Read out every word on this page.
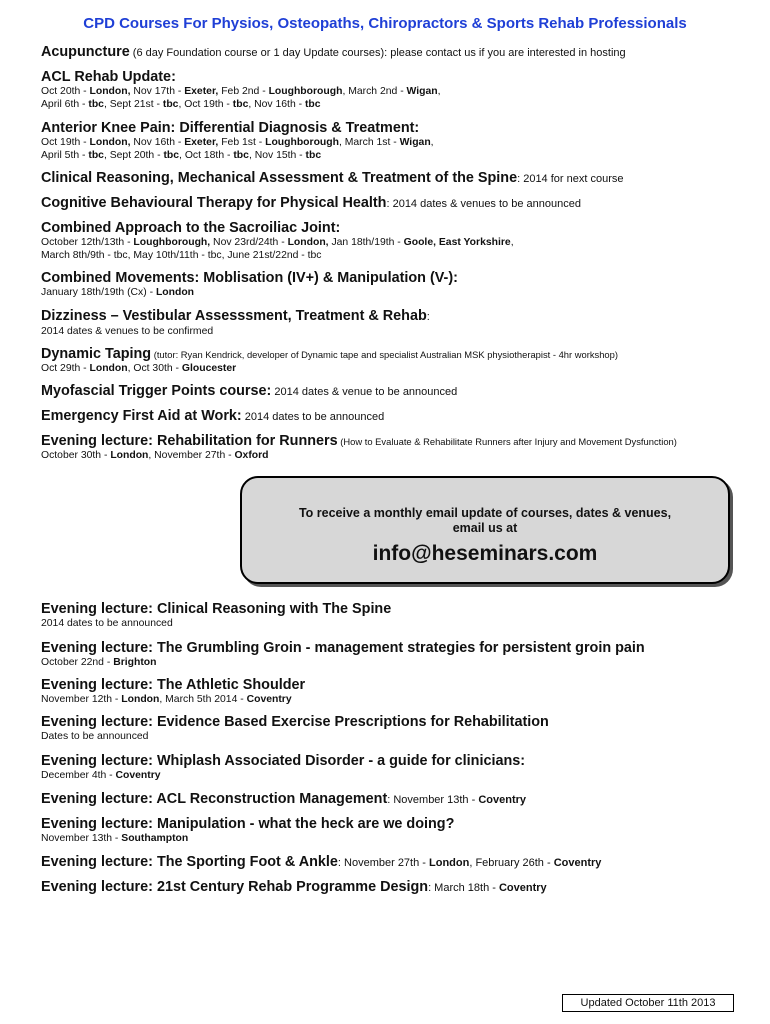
CPD Courses For Physios, Osteopaths, Chiropractors & Sports Rehab Professionals
Acupuncture (6 day Foundation course or 1 day Update courses): please contact us if you are interested in hosting
ACL Rehab Update:
Oct 20th - London, Nov 17th - Exeter, Feb 2nd - Loughborough, March 2nd - Wigan,
April 6th - tbc, Sept 21st - tbc, Oct 19th - tbc, Nov 16th - tbc
Anterior Knee Pain: Differential Diagnosis & Treatment:
Oct 19th - London, Nov 16th - Exeter, Feb 1st - Loughborough, March 1st - Wigan,
April 5th - tbc, Sept 20th - tbc, Oct 18th - tbc, Nov 15th - tbc
Clinical Reasoning, Mechanical Assessment & Treatment of the Spine: 2014 for next course
Cognitive Behavioural Therapy for Physical Health: 2014 dates & venues to be announced
Combined Approach to the Sacroiliac Joint:
October 12th/13th - Loughborough, Nov 23rd/24th - London, Jan 18th/19th - Goole, East Yorkshire,
March 8th/9th - tbc, May 10th/11th - tbc, June 21st/22nd - tbc
Combined Movements: Moblisation (IV+) & Manipulation (V-):
January 18th/19th (Cx) - London
Dizziness – Vestibular Assesssment, Treatment & Rehab:
2014 dates & venues to be confirmed
Dynamic Taping (tutor: Ryan Kendrick, developer of Dynamic tape and specialist Australian MSK physiotherapist - 4hr workshop)
Oct 29th - London, Oct 30th - Gloucester
Myofascial Trigger Points course: 2014 dates & venue to be announced
Emergency First Aid at Work: 2014 dates to be announced
Evening lecture: Rehabilitation for Runners (How to Evaluate & Rehabilitate Runners after Injury and Movement Dysfunction)
October 30th - London, November 27th - Oxford
To receive a monthly email update of courses, dates & venues,
email us at
info@heseminars.com
Evening lecture: Clinical Reasoning with The Spine
2014 dates to be announced
Evening lecture: The Grumbling Groin - management strategies for persistent groin pain
October 22nd - Brighton
Evening lecture: The Athletic Shoulder
November 12th - London, March 5th 2014 - Coventry
Evening lecture: Evidence Based Exercise Prescriptions for Rehabilitation
Dates to be announced
Evening lecture: Whiplash Associated Disorder - a guide for clinicians:
December 4th - Coventry
Evening lecture: ACL Reconstruction Management: November 13th - Coventry
Evening lecture: Manipulation - what the heck are we doing?
November 13th - Southampton
Evening lecture: The Sporting Foot & Ankle: November 27th - London, February 26th - Coventry
Evening lecture: 21st Century Rehab Programme Design: March 18th - Coventry
Updated October 11th 2013
